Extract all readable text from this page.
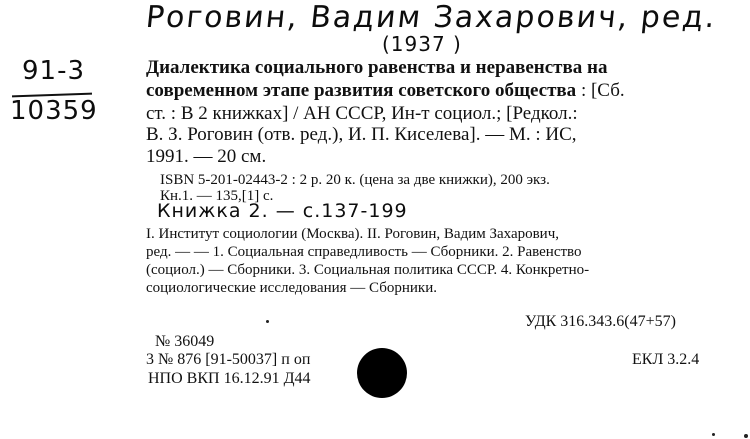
Роговин, Вадим Захарович, ред.
(1937 )
91-3
10359
Диалектика социального равенства и неравенства на
современном этапе развития советского общества : [Сб.
ст. : В 2 книжках] / АН СССР, Ин-т социол.; [Редкол.:
В. З. Роговин (отв. ред.), И. П. Киселева]. — М. : ИС,
1991. — 20 см.
ISBN 5-201-02443-2 : 2 р. 20 к. (цена за две книжки), 200 экз.
Кн.1. — 135,[1] с.
Книжка 2. — с.137-199
I. Институт социологии (Москва). II. Роговин, Вадим Захарович,
ред. — — 1. Социальная справедливость — Сборники. 2. Равенство
(социол.) — Сборники. 3. Социальная политика СССР. 4. Конкретно-
социологические исследования — Сборники.
УДК 316.343.6(47+57)
№ 36049
3 № 876 [91-50037] п оп	ЕКЛ 3.2.4
НПО ВКП 16.12.91 Д44
